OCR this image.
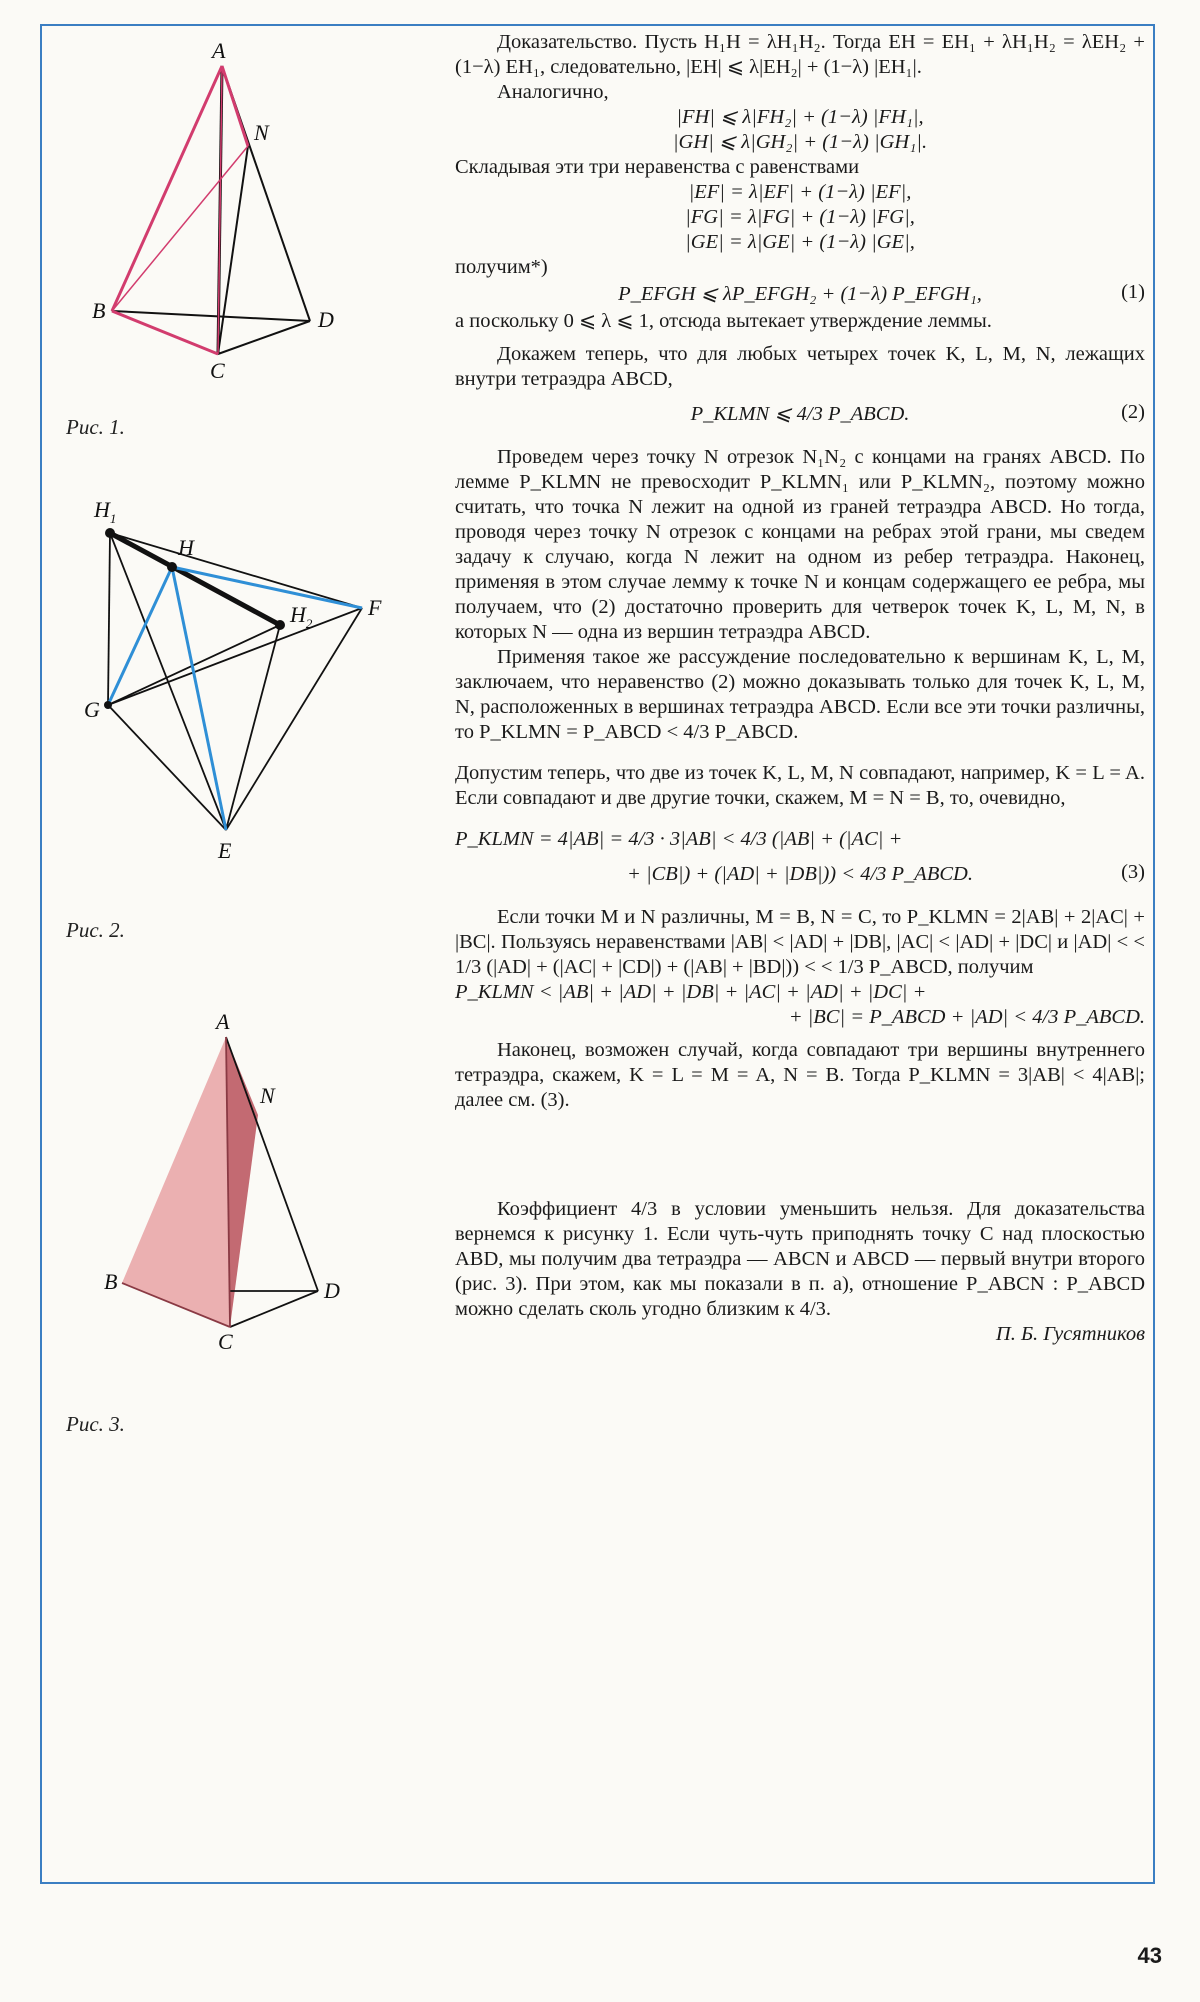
A
N
B	D
C
Рис. 1.
$H_1$
H
$H_2$
F
G
E
Рис. 2.
A
N
B	D
C
Рис. 3.

Доказательство. Пусть H₁H = λH₁H₂. Тогда EH = EH₁ + λH₁H₂ = λEH₂ + (1−λ) EH₁, следовательно, |EH| ⩽ λ|EH₂| + (1−λ) |EH₁|.

Аналогично,

|FH| ⩽ λ|FH₂| + (1−λ) |FH₁|,

|GH| ⩽ λ|GH₂| + (1−λ) |GH₁|.

Складывая эти три неравенства с равенствами

|EF| = λ|EF| + (1−λ) |EF|,

|FG| = λ|FG| + (1−λ) |FG|,

|GE| = λ|GE| + (1−λ) |GE|,

получим*)

P_EFGH ⩽ λP_EFGH₂ + (1−λ) P_EFGH₁,	(1)

а поскольку 0 ⩽ λ ⩽ 1, отсюда вытекает утверждение леммы.

Докажем теперь, что для любых четырех точек K, L, M, N, лежащих внутри тетраэдра ABCD,

P_KLMN ⩽ 4/3 P_ABCD.	(2)

Проведем через точку N отрезок N₁N₂ с концами на гранях ABCD. По лемме P_KLMN не превосходит P_KLMN₁ или P_KLMN₂, поэтому можно считать, что точка N лежит на одной из граней тетраэдра ABCD. Но тогда, проводя через точку N отрезок с концами на ребрах этой грани, мы сведем задачу к случаю, когда N лежит на одном из ребер тетраэдра. Наконец, применяя в этом случае лемму к точке N и концам содержащего ее ребра, мы получаем, что (2) достаточно проверить для четверок точек K, L, M, N, в которых N — одна из вершин тетраэдра ABCD.

Применяя такое же рассуждение последовательно к вершинам K, L, M, заключаем, что неравенство (2) можно доказывать только для точек K, L, M, N, расположенных в вершинах тетраэдра ABCD. Если все эти точки различны, то P_KLMN = P_ABCD < 4/3 P_ABCD.

Допустим теперь, что две из точек K, L, M, N совпадают, например, K = L = A. Если совпадают и две другие точки, скажем, M = N = B, то, очевидно,

P_KLMN = 4|AB| = 4/3 · 3|AB| < 4/3 (|AB| + (|AC| +

+ |CB|) + (|AD| + |DB|)) < 4/3 P_ABCD.	(3)

Если точки M и N различны, M = B, N = C, то P_KLMN = 2|AB| + 2|AC| + |BC|. Пользуясь неравенствами |AB| < |AD| + |DB|, |AC| < |AD| + |DC| и |AD| < < 1/3 (|AD| + (|AC| + |CD|) + (|AB| + |BD|)) < < 1/3 P_ABCD, получим

P_KLMN < |AB| + |AD| + |DB| + |AC| + |AD| + |DC| +

+ |BC| = P_ABCD + |AD| < 4/3 P_ABCD.

Наконец, возможен случай, когда совпадают три вершины внутреннего тетраэдра, скажем, K = L = M = A, N = B. Тогда P_KLMN = 3|AB| < 4|AB|; далее см. (3).

Коэффициент 4/3 в условии уменьшить нельзя. Для доказательства вернемся к рисунку 1. Если чуть-чуть приподнять точку C над плоскостью ABD, мы получим два тетраэдра — ABCN и ABCD — первый внутри второго (рис. 3). При этом, как мы показали в п. а), отношение P_ABCN : P_ABCD можно сделать сколь угодно близким к 4/3.

П. Б. Гусятников

43
